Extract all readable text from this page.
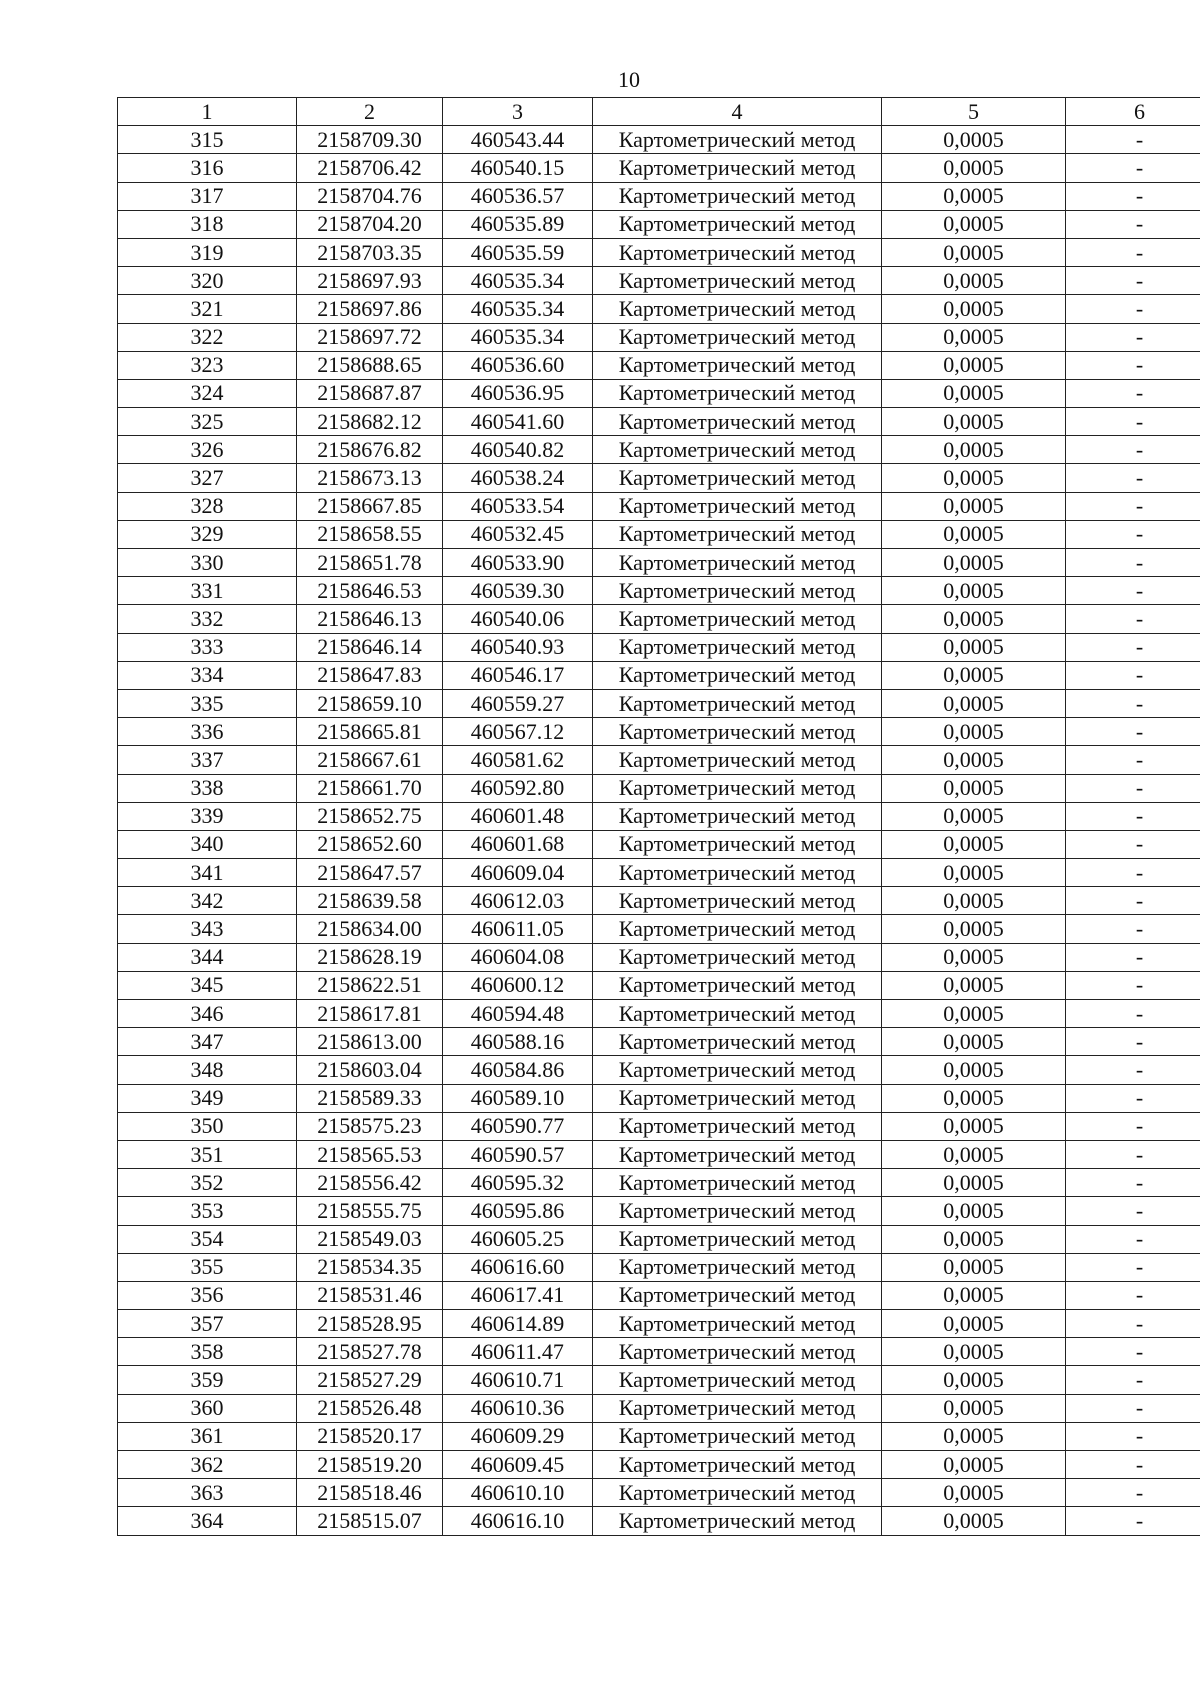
10
1	2	3	4	5	6
315	2158709.30	460543.44	Картометрический метод	0,0005	-
316	2158706.42	460540.15	Картометрический метод	0,0005	-
317	2158704.76	460536.57	Картометрический метод	0,0005	-
318	2158704.20	460535.89	Картометрический метод	0,0005	-
319	2158703.35	460535.59	Картометрический метод	0,0005	-
320	2158697.93	460535.34	Картометрический метод	0,0005	-
321	2158697.86	460535.34	Картометрический метод	0,0005	-
322	2158697.72	460535.34	Картометрический метод	0,0005	-
323	2158688.65	460536.60	Картометрический метод	0,0005	-
324	2158687.87	460536.95	Картометрический метод	0,0005	-
325	2158682.12	460541.60	Картометрический метод	0,0005	-
326	2158676.82	460540.82	Картометрический метод	0,0005	-
327	2158673.13	460538.24	Картометрический метод	0,0005	-
328	2158667.85	460533.54	Картометрический метод	0,0005	-
329	2158658.55	460532.45	Картометрический метод	0,0005	-
330	2158651.78	460533.90	Картометрический метод	0,0005	-
331	2158646.53	460539.30	Картометрический метод	0,0005	-
332	2158646.13	460540.06	Картометрический метод	0,0005	-
333	2158646.14	460540.93	Картометрический метод	0,0005	-
334	2158647.83	460546.17	Картометрический метод	0,0005	-
335	2158659.10	460559.27	Картометрический метод	0,0005	-
336	2158665.81	460567.12	Картометрический метод	0,0005	-
337	2158667.61	460581.62	Картометрический метод	0,0005	-
338	2158661.70	460592.80	Картометрический метод	0,0005	-
339	2158652.75	460601.48	Картометрический метод	0,0005	-
340	2158652.60	460601.68	Картометрический метод	0,0005	-
341	2158647.57	460609.04	Картометрический метод	0,0005	-
342	2158639.58	460612.03	Картометрический метод	0,0005	-
343	2158634.00	460611.05	Картометрический метод	0,0005	-
344	2158628.19	460604.08	Картометрический метод	0,0005	-
345	2158622.51	460600.12	Картометрический метод	0,0005	-
346	2158617.81	460594.48	Картометрический метод	0,0005	-
347	2158613.00	460588.16	Картометрический метод	0,0005	-
348	2158603.04	460584.86	Картометрический метод	0,0005	-
349	2158589.33	460589.10	Картометрический метод	0,0005	-
350	2158575.23	460590.77	Картометрический метод	0,0005	-
351	2158565.53	460590.57	Картометрический метод	0,0005	-
352	2158556.42	460595.32	Картометрический метод	0,0005	-
353	2158555.75	460595.86	Картометрический метод	0,0005	-
354	2158549.03	460605.25	Картометрический метод	0,0005	-
355	2158534.35	460616.60	Картометрический метод	0,0005	-
356	2158531.46	460617.41	Картометрический метод	0,0005	-
357	2158528.95	460614.89	Картометрический метод	0,0005	-
358	2158527.78	460611.47	Картометрический метод	0,0005	-
359	2158527.29	460610.71	Картометрический метод	0,0005	-
360	2158526.48	460610.36	Картометрический метод	0,0005	-
361	2158520.17	460609.29	Картометрический метод	0,0005	-
362	2158519.20	460609.45	Картометрический метод	0,0005	-
363	2158518.46	460610.10	Картометрический метод	0,0005	-
364	2158515.07	460616.10	Картометрический метод	0,0005	-
